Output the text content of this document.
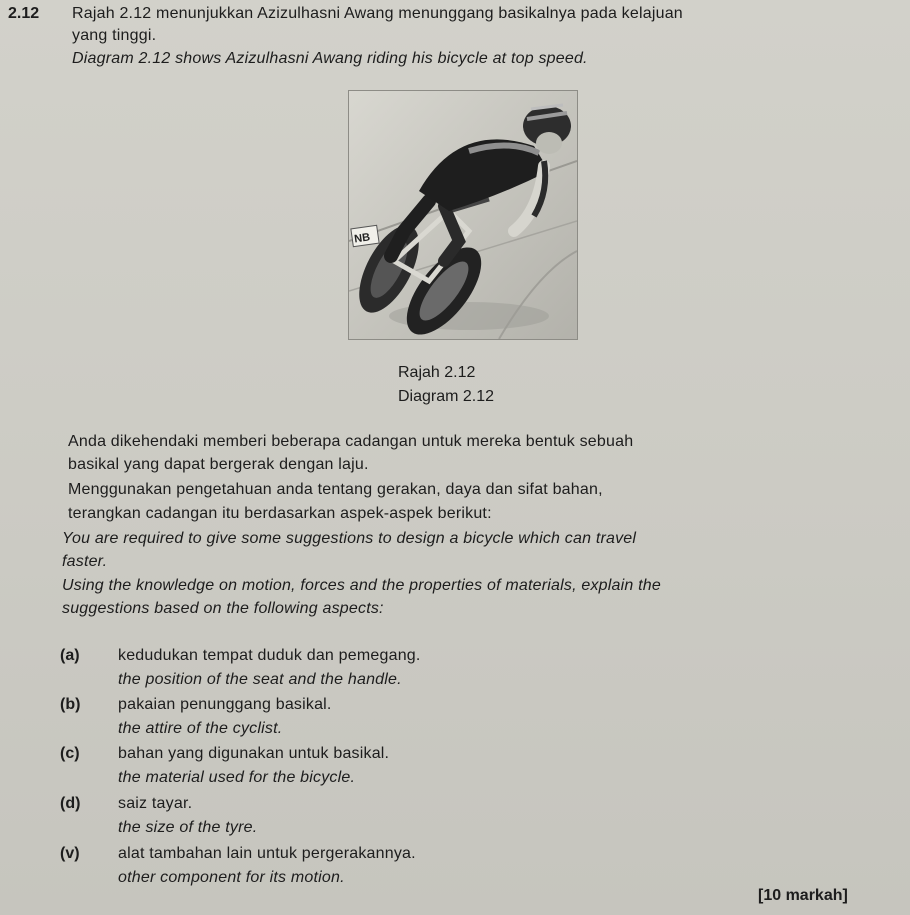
2.12 Rajah 2.12 menunjukkan Azizulhasni Awang menunggang basikalnya pada kelajuan
yang tinggi.
Diagram 2.12 shows Azizulhasni Awang riding his bicycle at top speed.
NB
Rajah 2.12
Diagram 2.12
Anda dikehendaki memberi beberapa cadangan untuk mereka bentuk sebuah
basikal yang dapat bergerak dengan laju.
Menggunakan pengetahuan anda tentang gerakan, daya dan sifat bahan,
terangkan cadangan itu berdasarkan aspek-aspek berikut:
You are required to give some suggestions to design a bicycle which can travel
faster.
Using the knowledge on motion, forces and the properties of materials, explain the
suggestions based on the following aspects:
(a) kedudukan tempat duduk dan pemegang.
the position of the seat and the handle.
(b) pakaian penunggang basikal.
the attire of the cyclist.
(c) bahan yang digunakan untuk basikal.
the material used for the bicycle.
(d) saiz tayar.
the size of the tyre.
(v) alat tambahan lain untuk pergerakannya.
other component for its motion.
[10 markah]
